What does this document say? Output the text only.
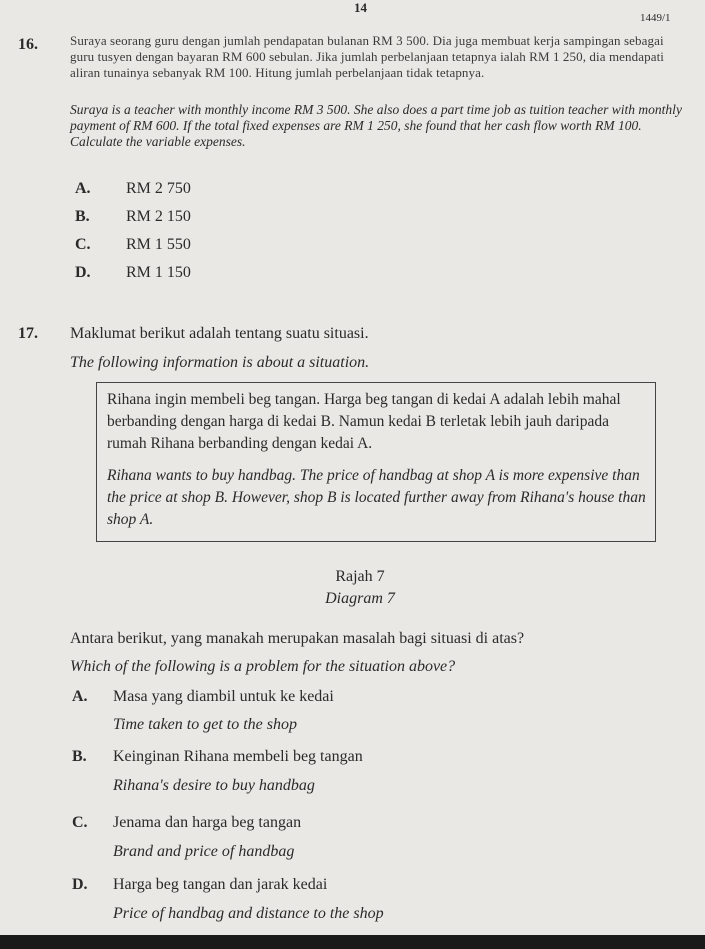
14
1449/1
16. Suraya seorang guru dengan jumlah pendapatan bulanan RM 3 500. Dia juga membuat kerja sampingan sebagai guru tusyen dengan bayaran RM 600 sebulan. Jika jumlah perbelanjaan tetapnya ialah RM 1 250, dia mendapati aliran tunainya sebanyak RM 100. Hitung jumlah perbelanjaan tidak tetapnya.
Suraya is a teacher with monthly income RM 3 500. She also does a part time job as tuition teacher with monthly payment of RM 600. If the total fixed expenses are RM 1 250, she found that her cash flow worth RM 100. Calculate the variable expenses.
A. RM 2 750
B. RM 2 150
C. RM 1 550
D. RM 1 150
17. Maklumat berikut adalah tentang suatu situasi.
The following information is about a situation.
Rihana ingin membeli beg tangan. Harga beg tangan di kedai A adalah lebih mahal berbanding dengan harga di kedai B. Namun kedai B terletak lebih jauh daripada rumah Rihana berbanding dengan kedai A.
Rihana wants to buy handbag. The price of handbag at shop A is more expensive than the price at shop B. However, shop B is located further away from Rihana's house than shop A.
Rajah 7
Diagram 7
Antara berikut, yang manakah merupakan masalah bagi situasi di atas?
Which of the following is a problem for the situation above?
A. Masa yang diambil untuk ke kedai
Time taken to get to the shop
B. Keinginan Rihana membeli beg tangan
Rihana's desire to buy handbag
C. Jenama dan harga beg tangan
Brand and price of handbag
D. Harga beg tangan dan jarak kedai
Price of handbag and distance to the shop
